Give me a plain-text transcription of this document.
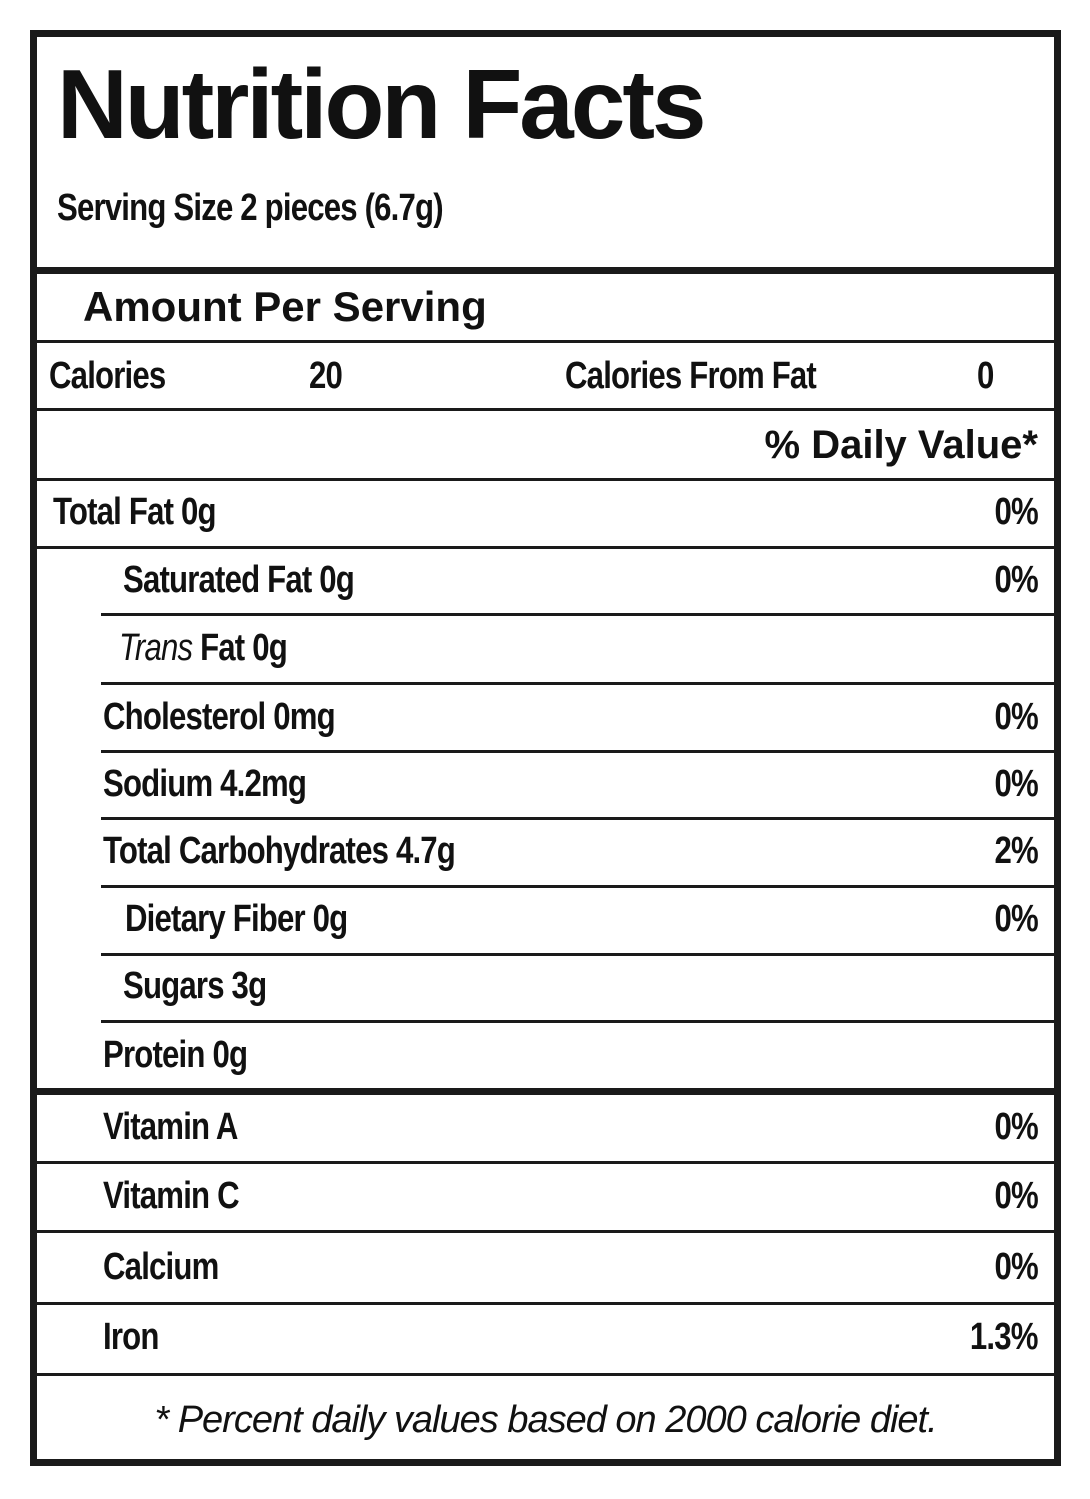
Nutrition Facts
Serving Size 2 pieces (6.7g)
Amount Per Serving
Calories	20	Calories From Fat	0
% Daily Value*
Total Fat 0g	0%
Saturated Fat 0g	0%
Trans Fat 0g
Cholesterol 0mg	0%
Sodium 4.2mg	0%
Total Carbohydrates 4.7g	2%
Dietary Fiber 0g	0%
Sugars 3g
Protein 0g
Vitamin A	0%
Vitamin C	0%
Calcium	0%
Iron	1.3%
* Percent daily values based on 2000 calorie diet.
